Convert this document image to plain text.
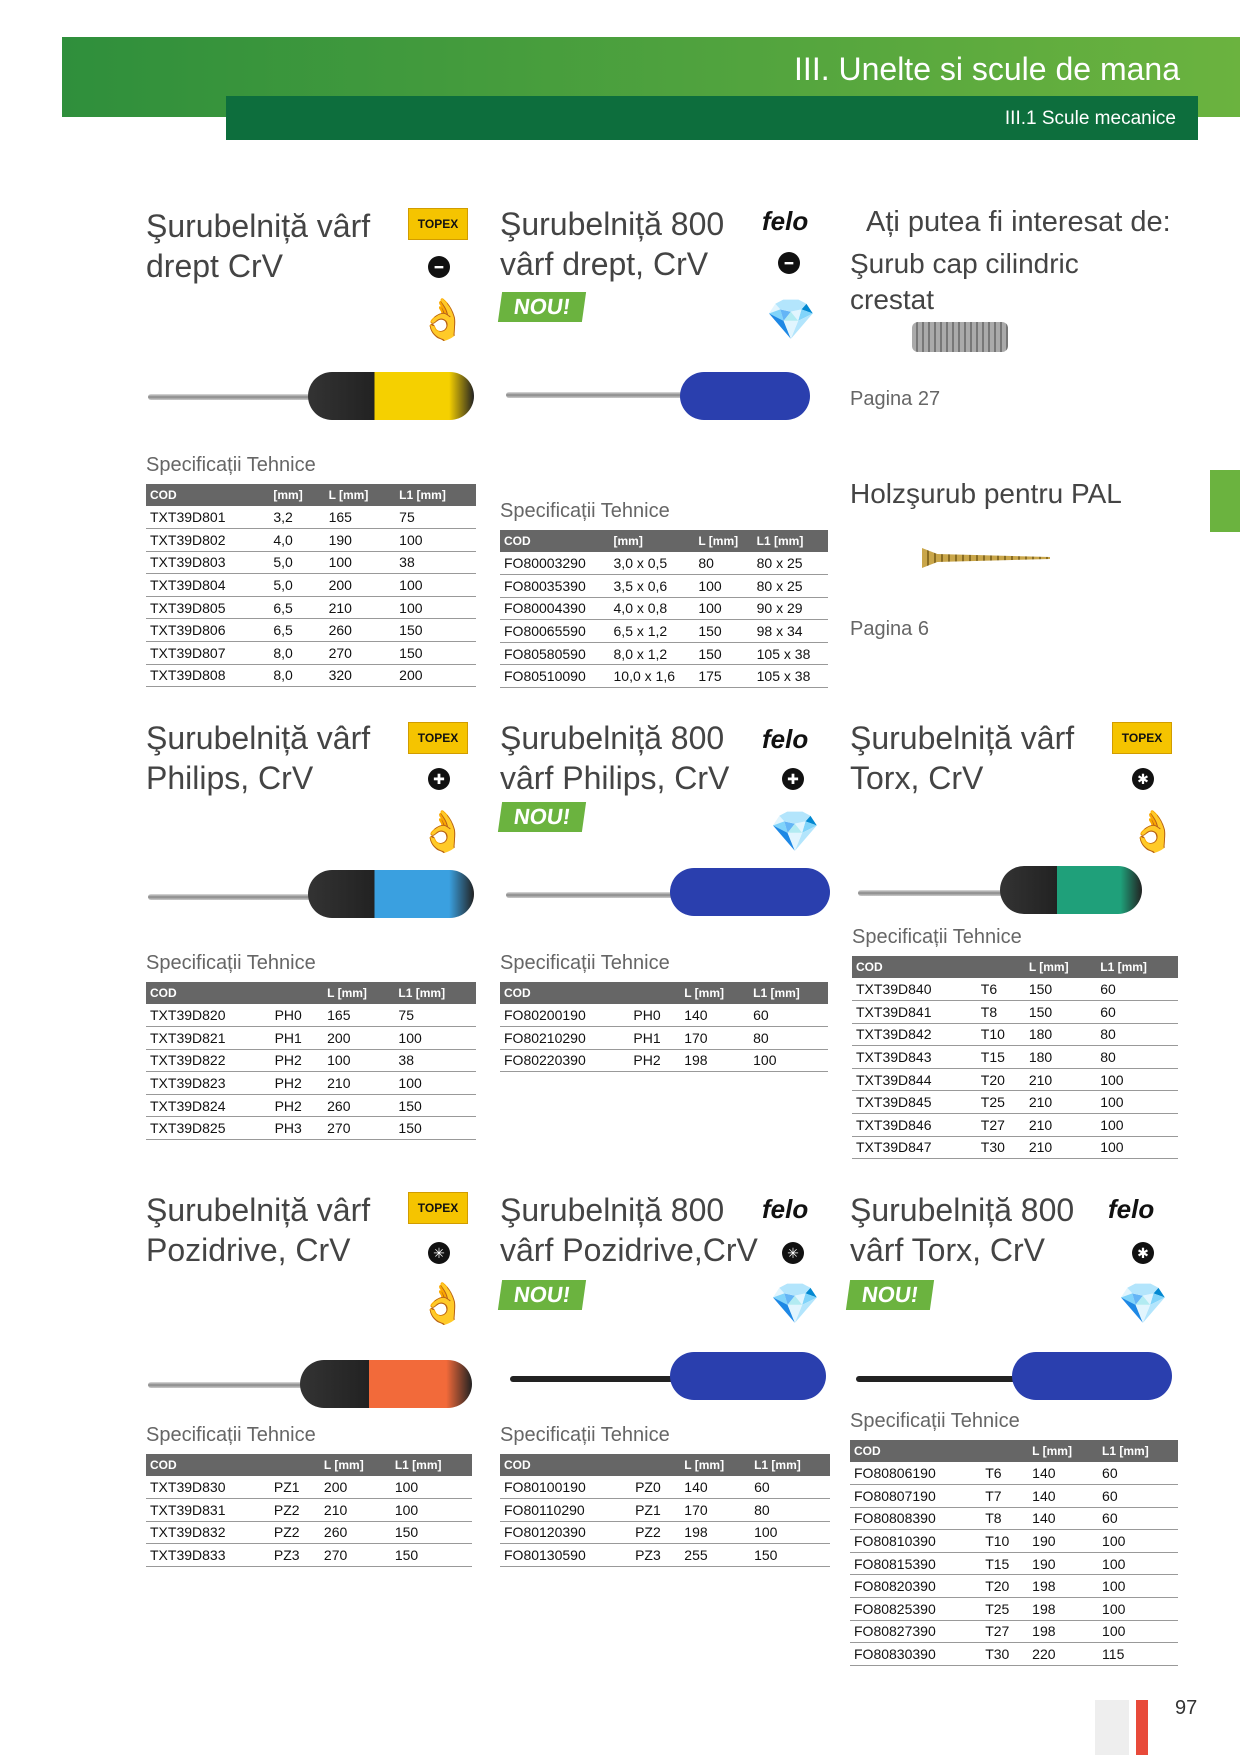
III. Unelte si scule de mana
III.1 Scule mecanice
Şurubelniță vârf drept CrV
Şurubelniță 800 vârf drept, CrV
Şurubelniță vârf Philips, CrV
Şurubelniță 800 vârf Philips, CrV
Şurubelniță vârf Torx, CrV
Şurubelniță vârf Pozidrive, CrV
Şurubelniță 800 vârf Pozidrive,CrV
Şurubelniță 800 vârf Torx, CrV
TOPEX	felo
TOPEX	felo	TOPEX
TOPEX	felo	felo
━	━
✚	✚	✱
✳	✳	✱
👌	💎
👌	💎	👌
👌	💎	💎
NOU!
NOU!
NOU!	NOU!
Specificații Tehnice
Specificații Tehnice
Specificații Tehnice	Specificații Tehnice
Specificații Tehnice
Specificații Tehnice	Specificații Tehnice
Specificații Tehnice
COD	[mm]	L [mm]	L1 [mm]
TXT39D801	3,2	165	75
TXT39D802	4,0	190	100
TXT39D803	5,0	100	38
TXT39D804	5,0	200	100
TXT39D805	6,5	210	100
TXT39D806	6,5	260	150
TXT39D807	8,0	270	150
TXT39D808	8,0	320	200
COD	[mm]	L [mm]	L1 [mm]
FO80003290	3,0 x 0,5	80	80 x 25
FO80035390	3,5 x 0,6	100	80 x 25
FO80004390	4,0 x 0,8	100	90 x 29
FO80065590	6,5 x 1,2	150	98 x 34
FO80580590	8,0 x 1,2	150	105 x 38
FO80510090	10,0 x 1,6	175	105 x 38
COD		L [mm]	L1 [mm]
TXT39D820	PH0	165	75
TXT39D821	PH1	200	100
TXT39D822	PH2	100	38
TXT39D823	PH2	210	100
TXT39D824	PH2	260	150
TXT39D825	PH3	270	150
COD		L [mm]	L1 [mm]
FO80200190	PH0	140	60
FO80210290	PH1	170	80
FO80220390	PH2	198	100
COD		L [mm]	L1 [mm]
TXT39D840	T6	150	60
TXT39D841	T8	150	60
TXT39D842	T10	180	80
TXT39D843	T15	180	80
TXT39D844	T20	210	100
TXT39D845	T25	210	100
TXT39D846	T27	210	100
TXT39D847	T30	210	100
COD		L [mm]	L1 [mm]
TXT39D830	PZ1	200	100
TXT39D831	PZ2	210	100
TXT39D832	PZ2	260	150
TXT39D833	PZ3	270	150
COD		L [mm]	L1 [mm]
FO80100190	PZ0	140	60
FO80110290	PZ1	170	80
FO80120390	PZ2	198	100
FO80130590	PZ3	255	150
COD		L [mm]	L1 [mm]
FO80806190	T6	140	60
FO80807190	T7	140	60
FO80808390	T8	140	60
FO80810390	T10	190	100
FO80815390	T15	190	100
FO80820390	T20	198	100
FO80825390	T25	198	100
FO80827390	T27	198	100
FO80830390	T30	220	115
Ați putea fi interesat de:
Şurub cap cilindric crestat
Pagina 27
Holzşurub pentru PAL
Pagina 6
97
